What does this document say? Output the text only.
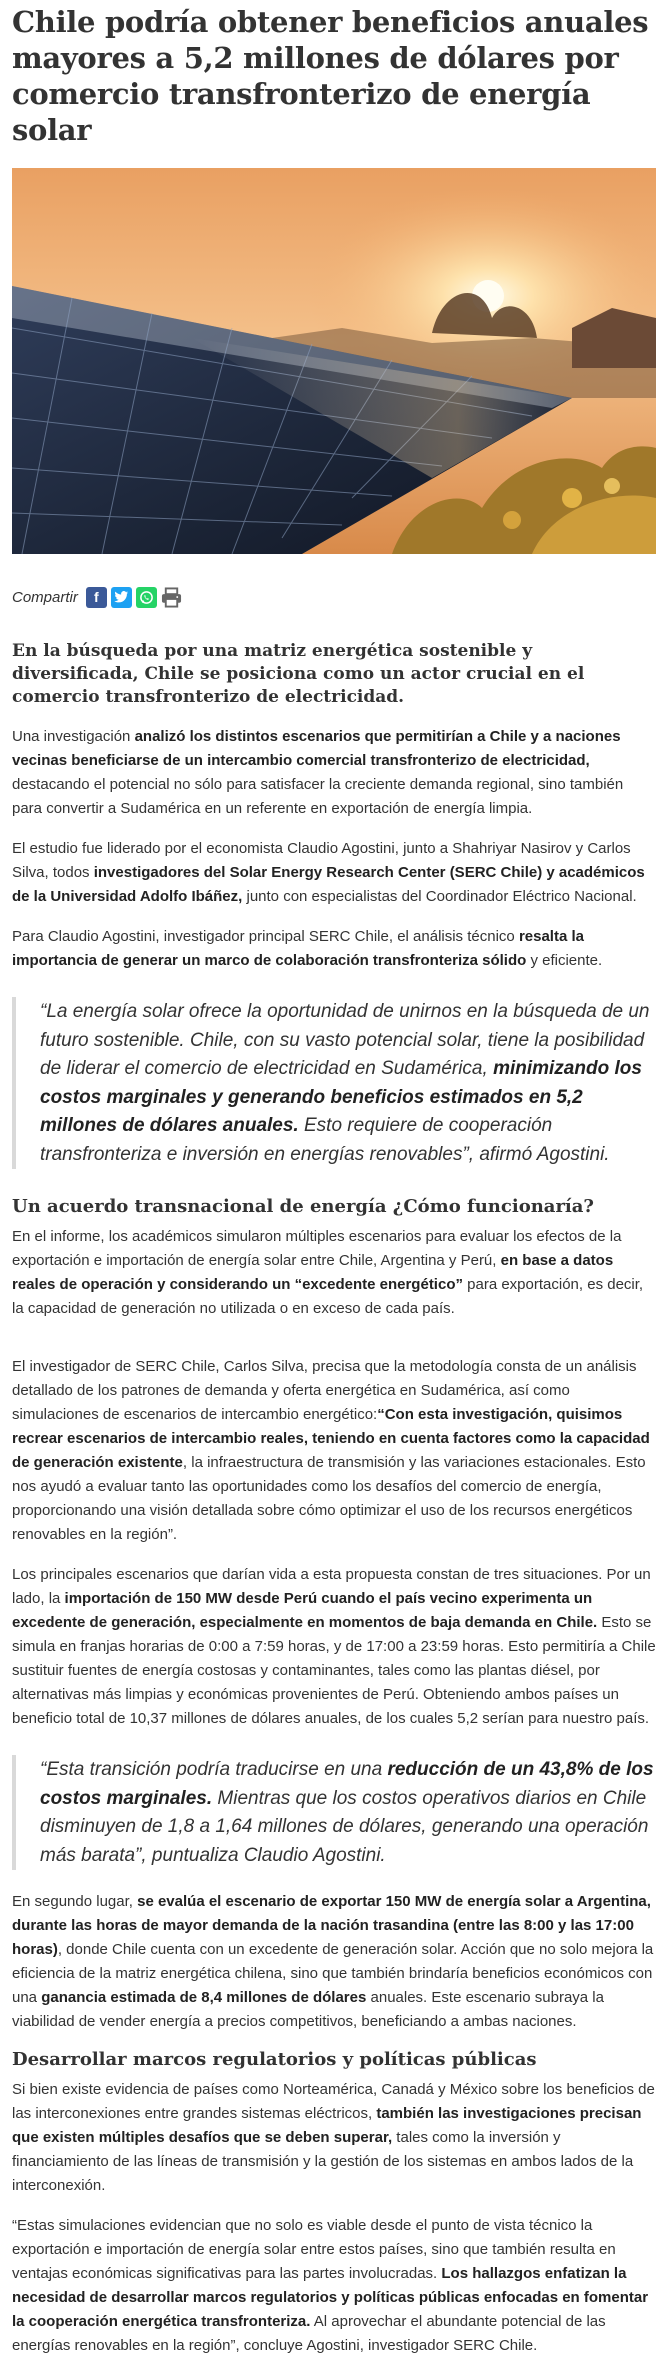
Chile podría obtener beneficios anuales mayores a 5,2 millones de dólares por comercio transfronterizo de energía solar
Compartir	f
En la búsqueda por una matriz energética sostenible y diversificada, Chile se posiciona como un actor crucial en el comercio transfronterizo de electricidad.

Una investigación analizó los distintos escenarios que permitirían a Chile y a naciones vecinas beneficiarse de un intercambio comercial transfronterizo de electricidad, destacando el potencial no sólo para satisfacer la creciente demanda regional, sino también para convertir a Sudamérica en un referente en exportación de energía limpia.

El estudio fue liderado por el economista Claudio Agostini, junto a Shahriyar Nasirov y Carlos Silva, todos investigadores del Solar Energy Research Center (SERC Chile) y académicos de la Universidad Adolfo Ibáñez, junto con especialistas del Coordinador Eléctrico Nacional.

Para Claudio Agostini, investigador principal SERC Chile, el análisis técnico resalta la importancia de generar un marco de colaboración transfronteriza sólido y eficiente.

“La energía solar ofrece la oportunidad de unirnos en la búsqueda de un futuro sostenible. Chile, con su vasto potencial solar, tiene la posibilidad de liderar el comercio de electricidad en Sudamérica, minimizando los costos marginales y generando beneficios estimados en 5,2 millones de dólares anuales. Esto requiere de cooperación transfronteriza e inversión en energías renovables”, afirmó Agostini.
Un acuerdo transnacional de energía ¿Cómo funcionaría?

En el informe, los académicos simularon múltiples escenarios para evaluar los efectos de la exportación e importación de energía solar entre Chile, Argentina y Perú, en base a datos reales de operación y considerando un “excedente energético” para exportación, es decir, la capacidad de generación no utilizada o en exceso de cada país.

El investigador de SERC Chile, Carlos Silva, precisa que la metodología consta de un análisis detallado de los patrones de demanda y oferta energética en Sudamérica, así como simulaciones de escenarios de intercambio energético:“Con esta investigación, quisimos recrear escenarios de intercambio reales, teniendo en cuenta factores como la capacidad de generación existente, la infraestructura de transmisión y las variaciones estacionales. Esto nos ayudó a evaluar tanto las oportunidades como los desafíos del comercio de energía, proporcionando una visión detallada sobre cómo optimizar el uso de los recursos energéticos renovables en la región”.

Los principales escenarios que darían vida a esta propuesta constan de tres situaciones. Por un lado, la importación de 150 MW desde Perú cuando el país vecino experimenta un excedente de generación, especialmente en momentos de baja demanda en Chile. Esto se simula en franjas horarias de 0:00 a 7:59 horas, y de 17:00 a 23:59 horas. Esto permitiría a Chile sustituir fuentes de energía costosas y contaminantes, tales como las plantas diésel, por alternativas más limpias y económicas provenientes de Perú. Obteniendo ambos países un beneficio total de 10,37 millones de dólares anuales, de los cuales 5,2 serían para nuestro país.

“Esta transición podría traducirse en una reducción de un 43,8% de los costos marginales. Mientras que los costos operativos diarios en Chile disminuyen de 1,8 a 1,64 millones de dólares, generando una operación más barata”, puntualiza Claudio Agostini.

En segundo lugar, se evalúa el escenario de exportar 150 MW de energía solar a Argentina, durante las horas de mayor demanda de la nación trasandina (entre las 8:00 y las 17:00 horas), donde Chile cuenta con un excedente de generación solar. Acción que no solo mejora la eficiencia de la matriz energética chilena, sino que también brindaría beneficios económicos con una ganancia estimada de 8,4 millones de dólares anuales. Este escenario subraya la viabilidad de vender energía a precios competitivos, beneficiando a ambas naciones.

Desarrollar marcos regulatorios y políticas públicas

Si bien existe evidencia de países como Norteamérica, Canadá y México sobre los beneficios de las interconexiones entre grandes sistemas eléctricos, también las investigaciones precisan que existen múltiples desafíos que se deben superar, tales como la inversión y financiamiento de las líneas de transmisión y la gestión de los sistemas en ambos lados de la interconexión.

“Estas simulaciones evidencian que no solo es viable desde el punto de vista técnico la exportación e importación de energía solar entre estos países, sino que también resulta en ventajas económicas significativas para las partes involucradas. Los hallazgos enfatizan la necesidad de desarrollar marcos regulatorios y políticas públicas enfocadas en fomentar la cooperación energética transfronteriza. Al aprovechar el abundante potencial de las energías renovables en la región”, concluye Agostini, investigador SERC Chile.
